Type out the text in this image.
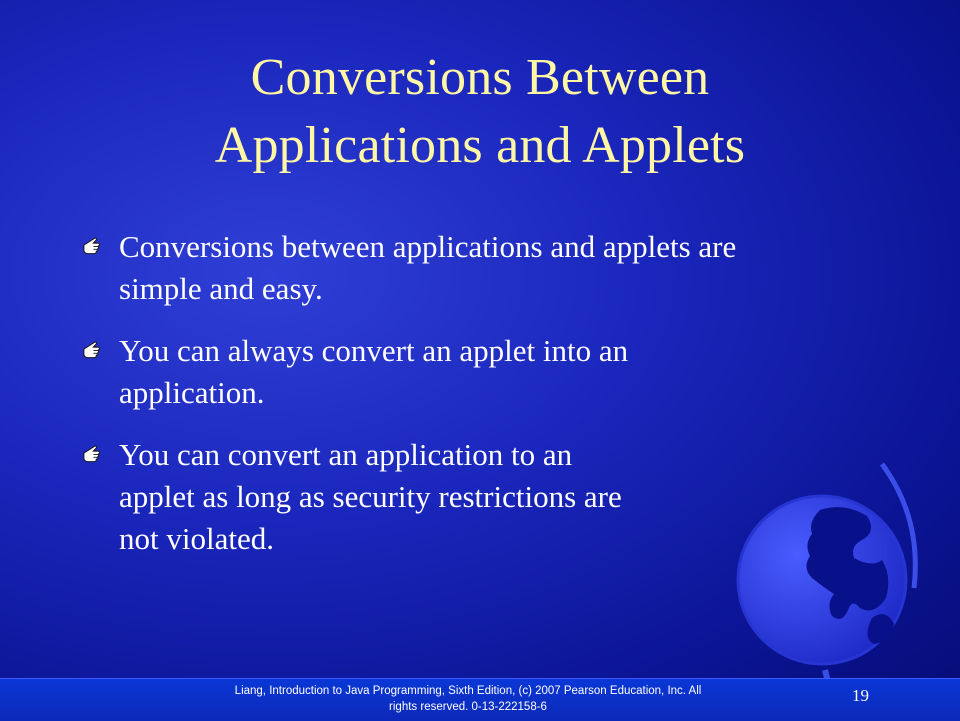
Conversions Between
Applications and Applets
Conversions between applications and applets are
simple and easy.
You can always convert an applet into an
application.
You can convert an application to an
applet as long as security restrictions are
not violated.
Liang, Introduction to Java Programming, Sixth Edition, (c) 2007 Pearson Education, Inc. All
rights reserved. 0-13-222158-6
19
